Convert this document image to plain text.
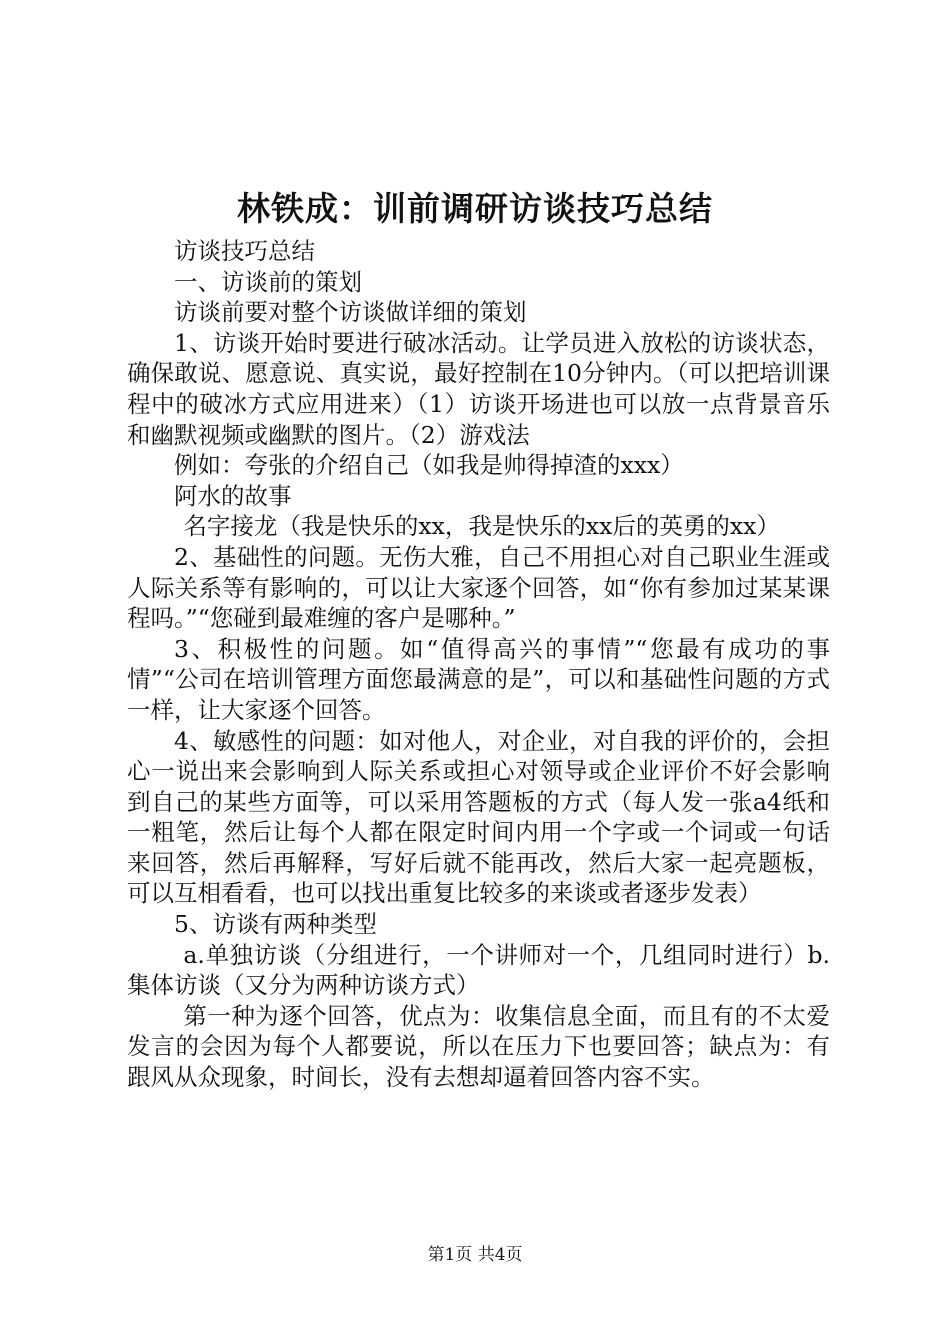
林铁成：训前调研访谈技巧总结

访谈技巧总结

一、访谈前的策划

访谈前要对整个访谈做详细的策划

1、访谈开始时要进行破冰活动。让学员进入放松的访谈状态，确保敢说、愿意说、真实说，最好控制在10分钟内。（可以把培训课程中的破冰方式应用进来）（1）访谈开场进也可以放一点背景音乐和幽默视频或幽默的图片。（2）游戏法

例如：夸张的介绍自己（如我是帅得掉渣的xxx）

阿水的故事

名字接龙（我是快乐的xx，我是快乐的xx后的英勇的xx）

2、基础性的问题。无伤大雅，自己不用担心对自己职业生涯或人际关系等有影响的，可以让大家逐个回答，如“你有参加过某某课程吗。”“您碰到最难缠的客户是哪种。”

3、积极性的问题。如“值得高兴的事情”“您最有成功的事情”“公司在培训管理方面您最满意的是”，可以和基础性问题的方式一样，让大家逐个回答。

4、敏感性的问题：如对他人，对企业，对自我的评价的，会担心一说出来会影响到人际关系或担心对领导或企业评价不好会影响到自己的某些方面等，可以采用答题板的方式（每人发一张a4纸和一粗笔，然后让每个人都在限定时间内用一个字或一个词或一句话来回答，然后再解释，写好后就不能再改，然后大家一起亮题板，可以互相看看，也可以找出重复比较多的来谈或者逐步发表）

5、访谈有两种类型

a.单独访谈（分组进行，一个讲师对一个，几组同时进行）b.集体访谈（又分为两种访谈方式）

第一种为逐个回答，优点为：收集信息全面，而且有的不太爱发言的会因为每个人都要说，所以在压力下也要回答；缺点为：有跟风从众现象，时间长，没有去想却逼着回答内容不实。

第1页 共4页
